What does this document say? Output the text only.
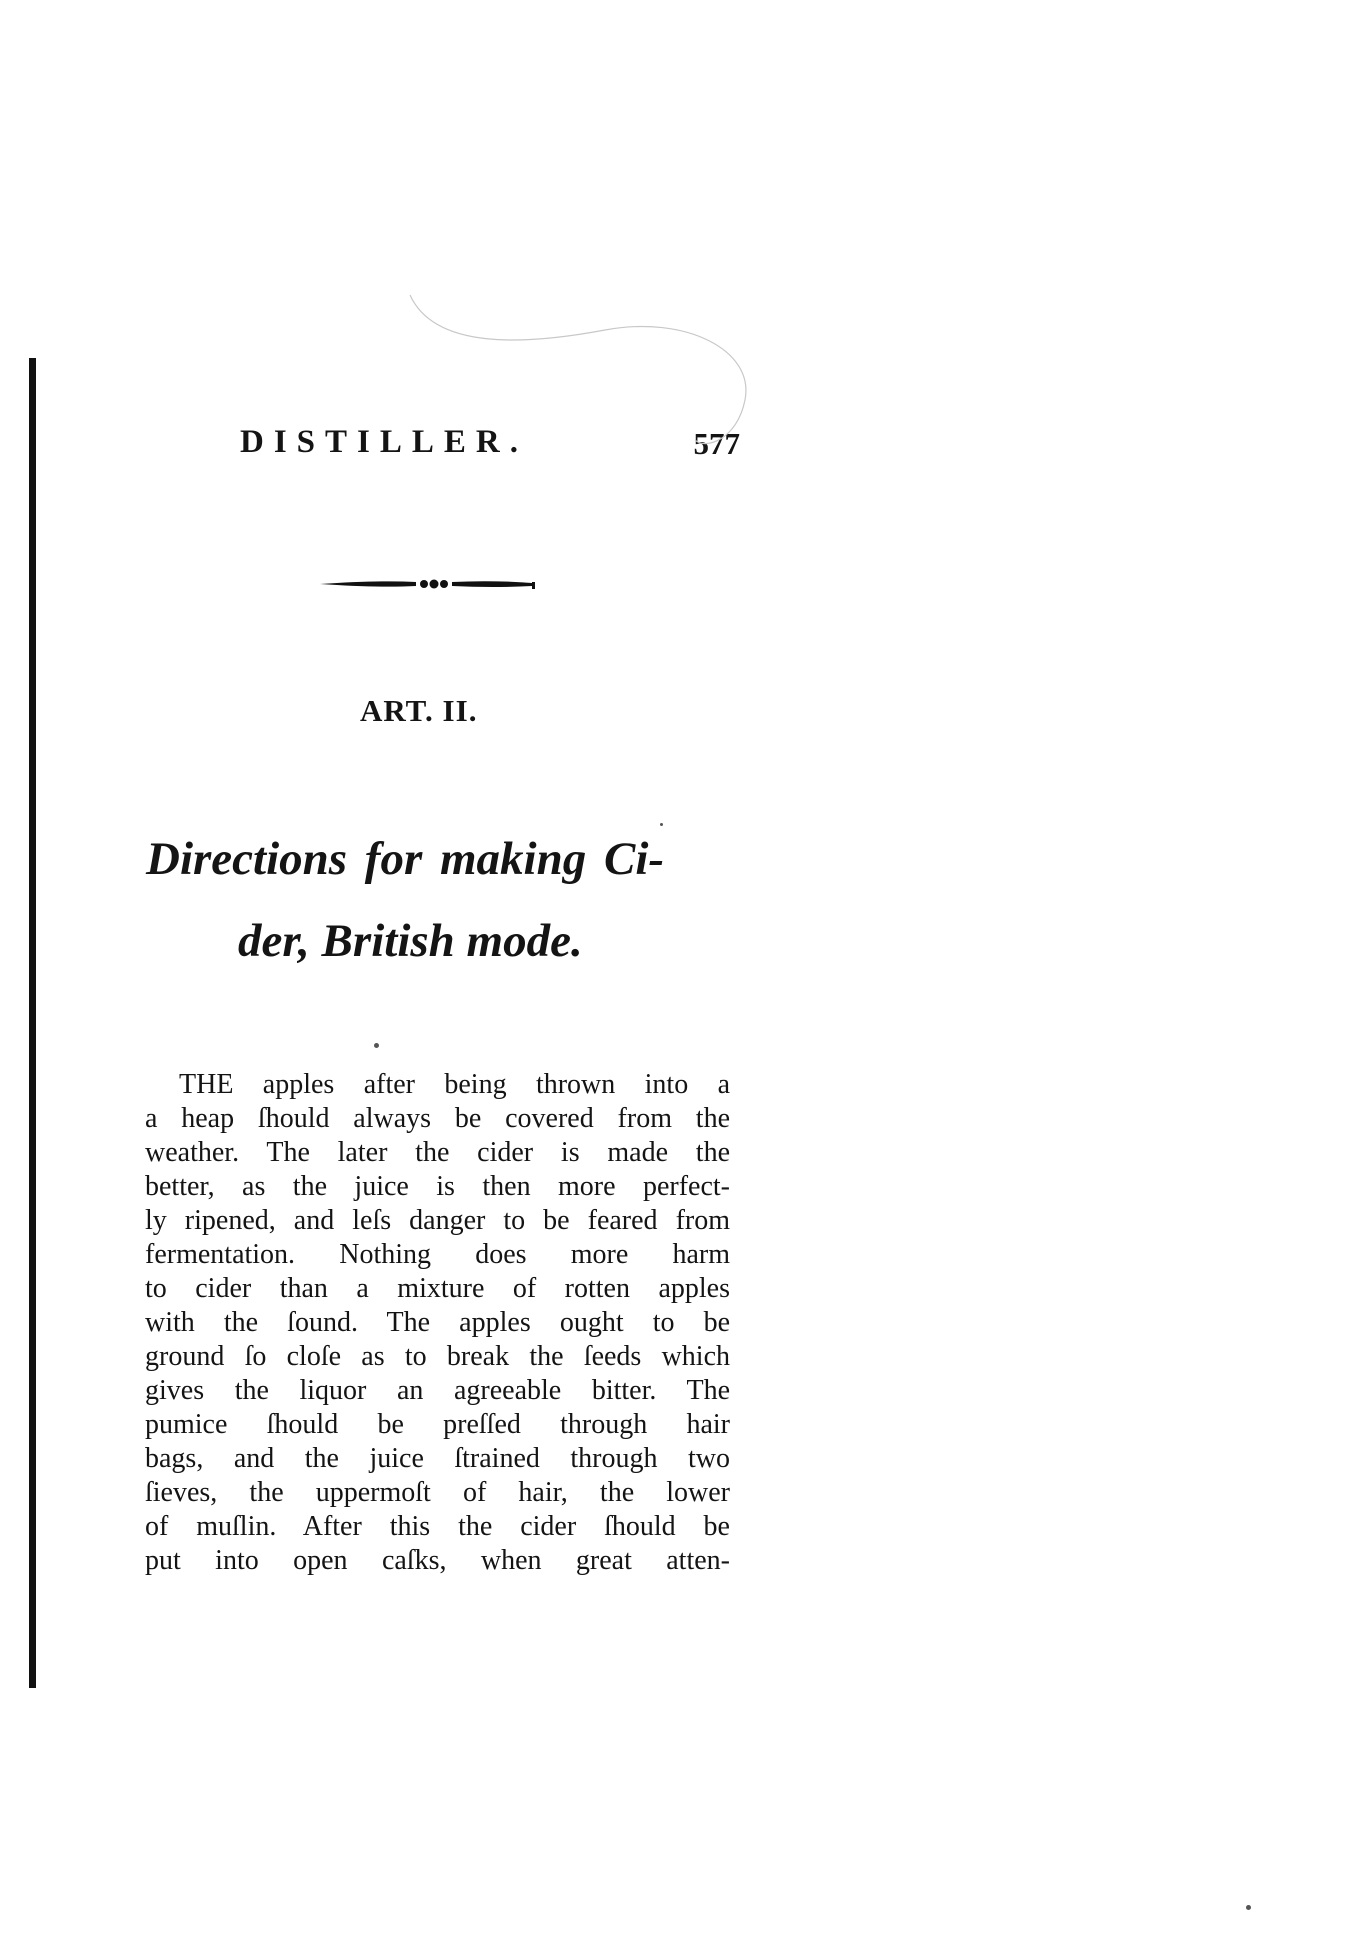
DISTILLER.	577
ART. II.
Directions for making Ci-
der, British mode.
THE apples after being thrown into a
a heap ſhould always be covered from the
weather. The later the cider is made the
better, as the juice is then more perfect-
ly ripened, and leſs danger to be feared from
fermentation. Nothing does more harm
to cider than a mixture of rotten apples
with the ſound. The apples ought to be
ground ſo cloſe as to break the ſeeds which
gives the liquor an agreeable bitter. The
pumice ſhould be preſſed through hair
bags, and the juice ſtrained through two
ſieves, the uppermoſt of hair, the lower
of muſlin. After this the cider ſhould be
put into open caſks, when great atten-
